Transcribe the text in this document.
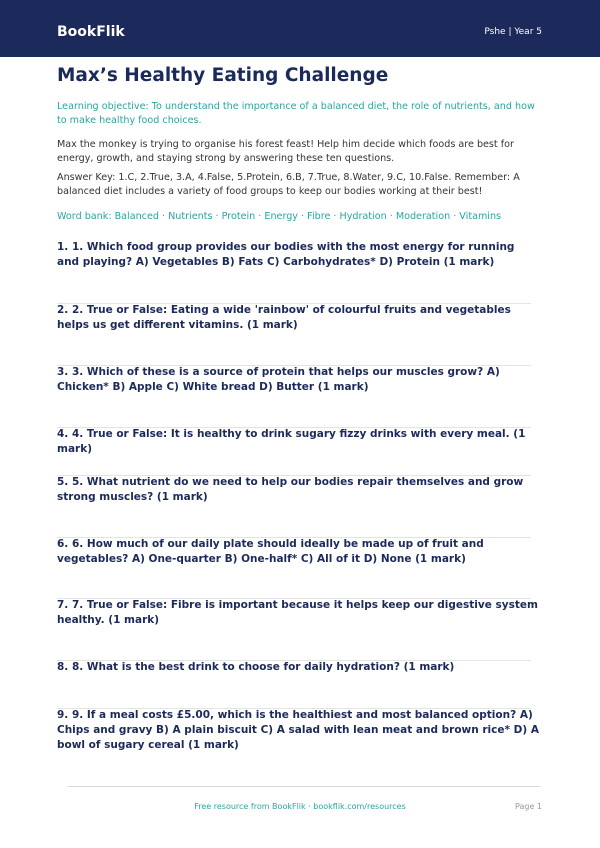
BookFlik	Pshe | Year 5
Max’s Healthy Eating Challenge

Learning objective: To understand the importance of a balanced diet, the role of nutrients, and how to make healthy food choices.

Max the monkey is trying to organise his forest feast! Help him decide which foods are best for energy, growth, and staying strong by answering these ten questions.

Answer Key: 1.C, 2.True, 3.A, 4.False, 5.Protein, 6.B, 7.True, 8.Water, 9.C, 10.False. Remember: A balanced diet includes a variety of food groups to keep our bodies working at their best!

Word bank: Balanced · Nutrients · Protein · Energy · Fibre · Hydration · Moderation · Vitamins

1. 1. Which food group provides our bodies with the most energy for running and playing? A) Vegetables B) Fats C) Carbohydrates* D) Protein (1 mark)
2. 2. True or False: Eating a wide 'rainbow' of colourful fruits and vegetables helps us get different vitamins. (1 mark)
3. 3. Which of these is a source of protein that helps our muscles grow? A) Chicken* B) Apple C) White bread D) Butter (1 mark)
4. 4. True or False: It is healthy to drink sugary fizzy drinks with every meal. (1 mark)
5. 5. What nutrient do we need to help our bodies repair themselves and grow strong muscles? (1 mark)
6. 6. How much of our daily plate should ideally be made up of fruit and vegetables? A) One-quarter B) One-half* C) All of it D) None (1 mark)
7. 7. True or False: Fibre is important because it helps keep our digestive system healthy. (1 mark)
8. 8. What is the best drink to choose for daily hydration? (1 mark)
9. 9. If a meal costs £5.00, which is the healthiest and most balanced option? A) Chips and gravy B) A plain biscuit C) A salad with lean meat and brown rice* D) A bowl of sugary cereal (1 mark)
Free resource from BookFlik · bookflik.com/resources	Page 1
